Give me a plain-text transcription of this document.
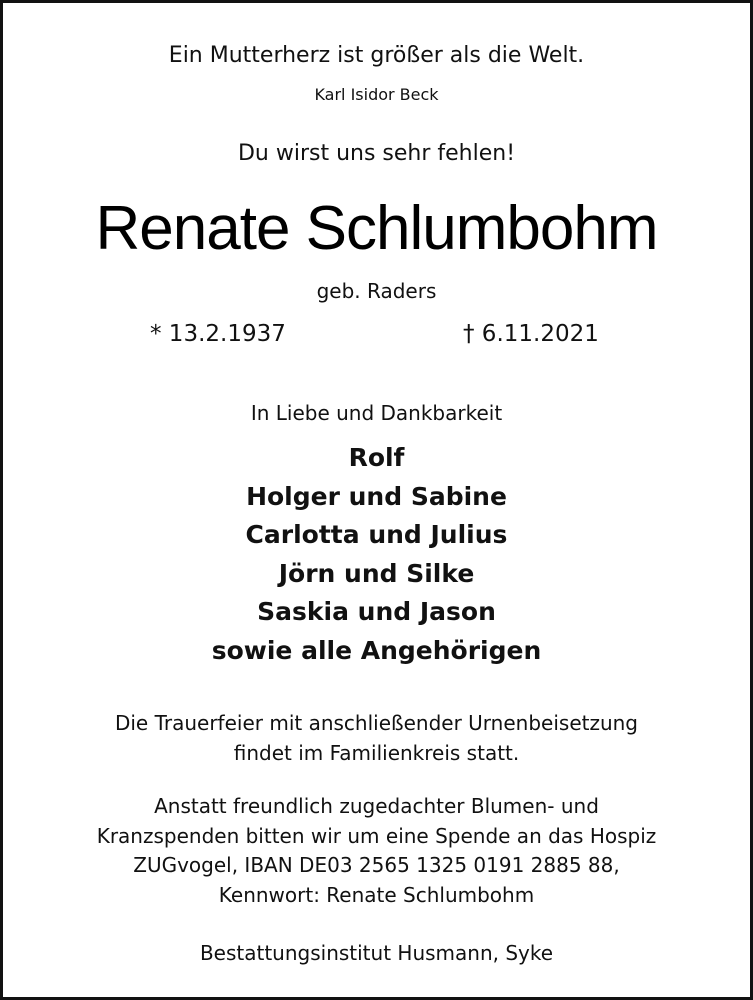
Ein Mutterherz ist größer als die Welt.
Karl Isidor Beck
Du wirst uns sehr fehlen!
Renate Schlumbohm
geb. Raders
* 13.2.1937	† 6.11.2021
In Liebe und Dankbarkeit
Rolf
Holger und Sabine
Carlotta und Julius
Jörn und Silke
Saskia und Jason
sowie alle Angehörigen
Die Trauerfeier mit anschließender Urnenbeisetzung
findet im Familienkreis statt.
Anstatt freundlich zugedachter Blumen- und
Kranzspenden bitten wir um eine Spende an das Hospiz
ZUGvogel, IBAN DE03 2565 1325 0191 2885 88,
Kennwort: Renate Schlumbohm
Bestattungsinstitut Husmann, Syke
